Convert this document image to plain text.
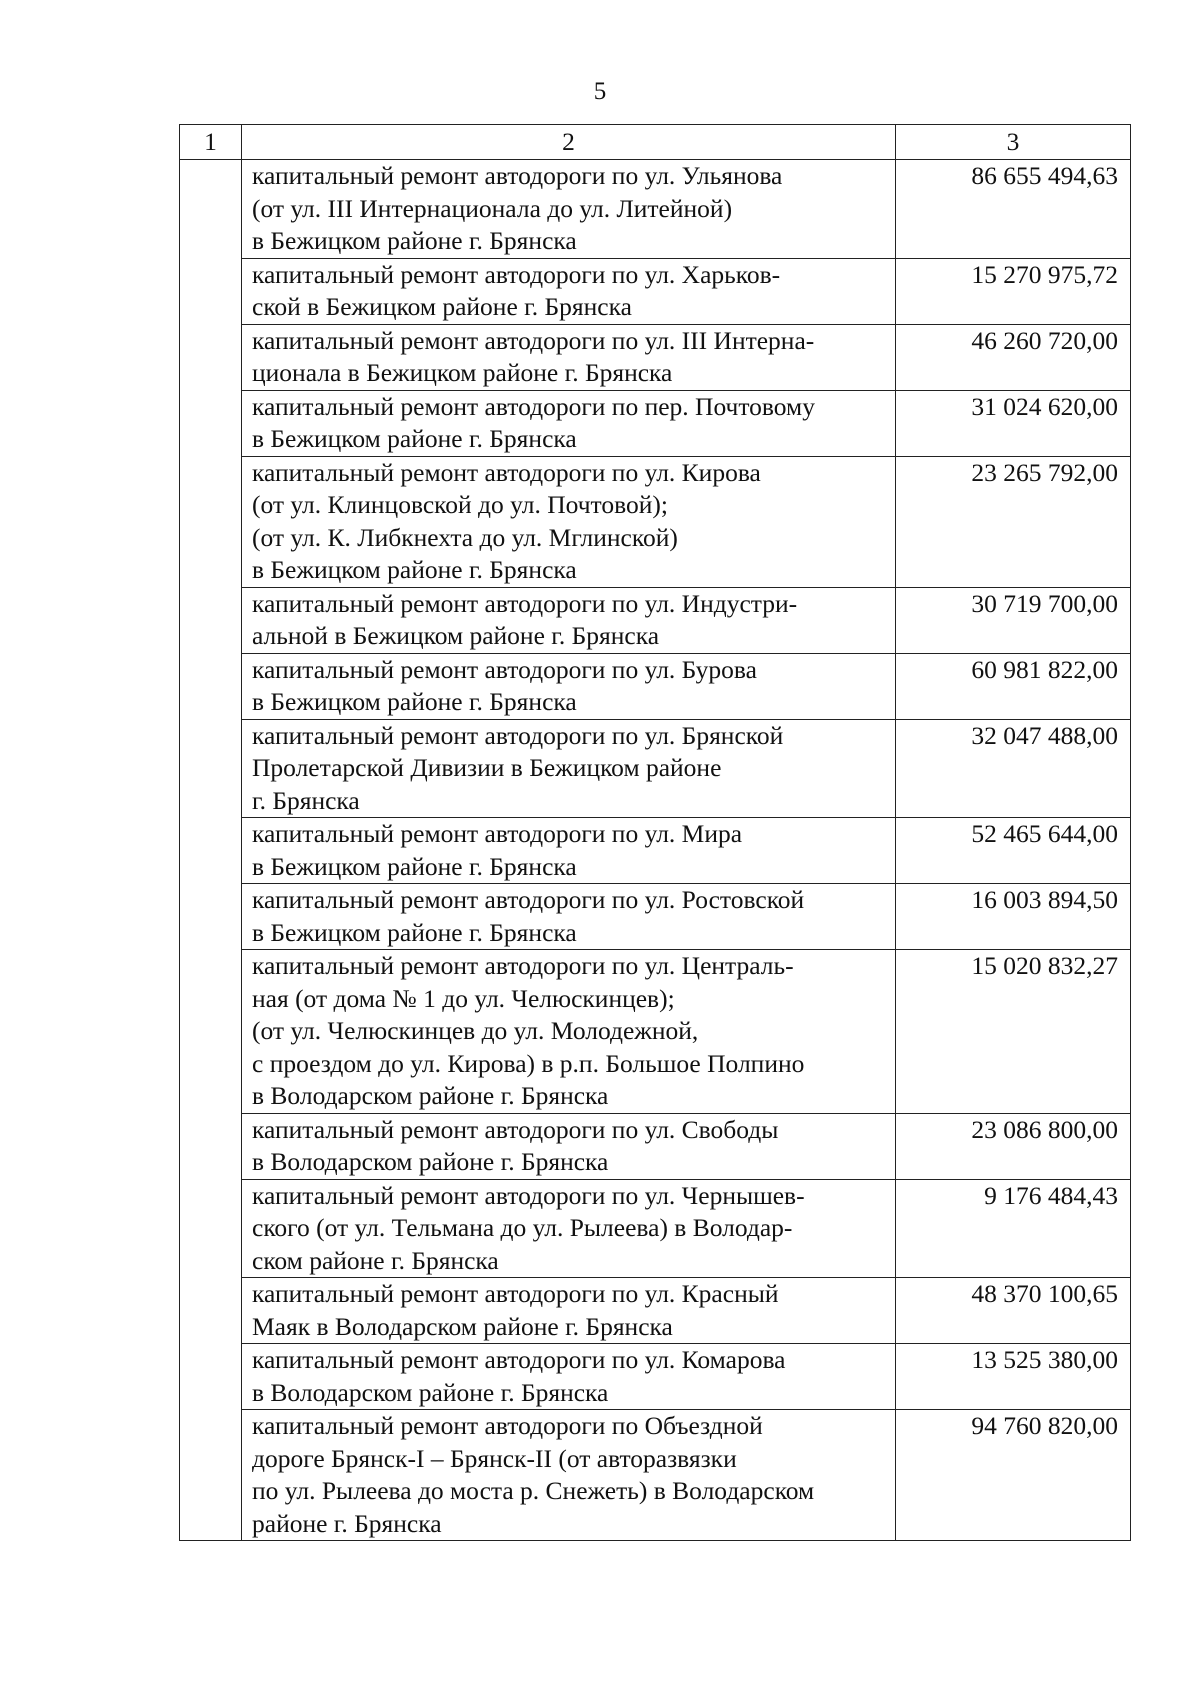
5
1	2	3

	капитальный ремонт автодороги по ул. Ульянова
(от ул. III Интернационала до ул. Литейной)
в Бежицком районе г. Брянска	86 655 494,63

	капитальный ремонт автодороги по ул. Харьков-
ской в Бежицком районе г. Брянска	15 270 975,72

	капитальный ремонт автодороги по ул. III Интерна-
ционала в Бежицком районе г. Брянска	46 260 720,00

	капитальный ремонт автодороги по пер. Почтовому
в Бежицком районе г. Брянска	31 024 620,00

	капитальный ремонт автодороги по ул. Кирова
(от ул. Клинцовской до ул. Почтовой);
(от ул. К. Либкнехта до ул. Мглинской)
в Бежицком районе г. Брянска	23 265 792,00

	капитальный ремонт автодороги по ул. Индустри-
альной в Бежицком районе г. Брянска	30 719 700,00

	капитальный ремонт автодороги по ул. Бурова
в Бежицком районе г. Брянска	60 981 822,00

	капитальный ремонт автодороги по ул. Брянской
Пролетарской Дивизии в Бежицком районе
г. Брянска	32 047 488,00

	капитальный ремонт автодороги по ул. Мира
в Бежицком районе г. Брянска	52 465 644,00

	капитальный ремонт автодороги по ул. Ростовской
в Бежицком районе г. Брянска	16 003 894,50

	капитальный ремонт автодороги по ул. Централь-
ная (от дома № 1 до ул. Челюскинцев);
(от ул. Челюскинцев до ул. Молодежной,
с проездом до ул. Кирова) в р.п. Большое Полпино
в Володарском районе г. Брянска	15 020 832,27

	капитальный ремонт автодороги по ул. Свободы
в Володарском районе г. Брянска	23 086 800,00

	капитальный ремонт автодороги по ул. Чернышев-
ского (от ул. Тельмана до ул. Рылеева) в Володар-
ском районе г. Брянска	9 176 484,43

	капитальный ремонт автодороги по ул. Красный
Маяк в Володарском районе г. Брянска	48 370 100,65

	капитальный ремонт автодороги по ул. Комарова
в Володарском районе г. Брянска	13 525 380,00

	капитальный ремонт автодороги по Объездной
дороге Брянск-I – Брянск-II (от авторазвязки
по ул. Рылеева до моста р. Снежеть) в Володарском
районе г. Брянска	94 760 820,00
